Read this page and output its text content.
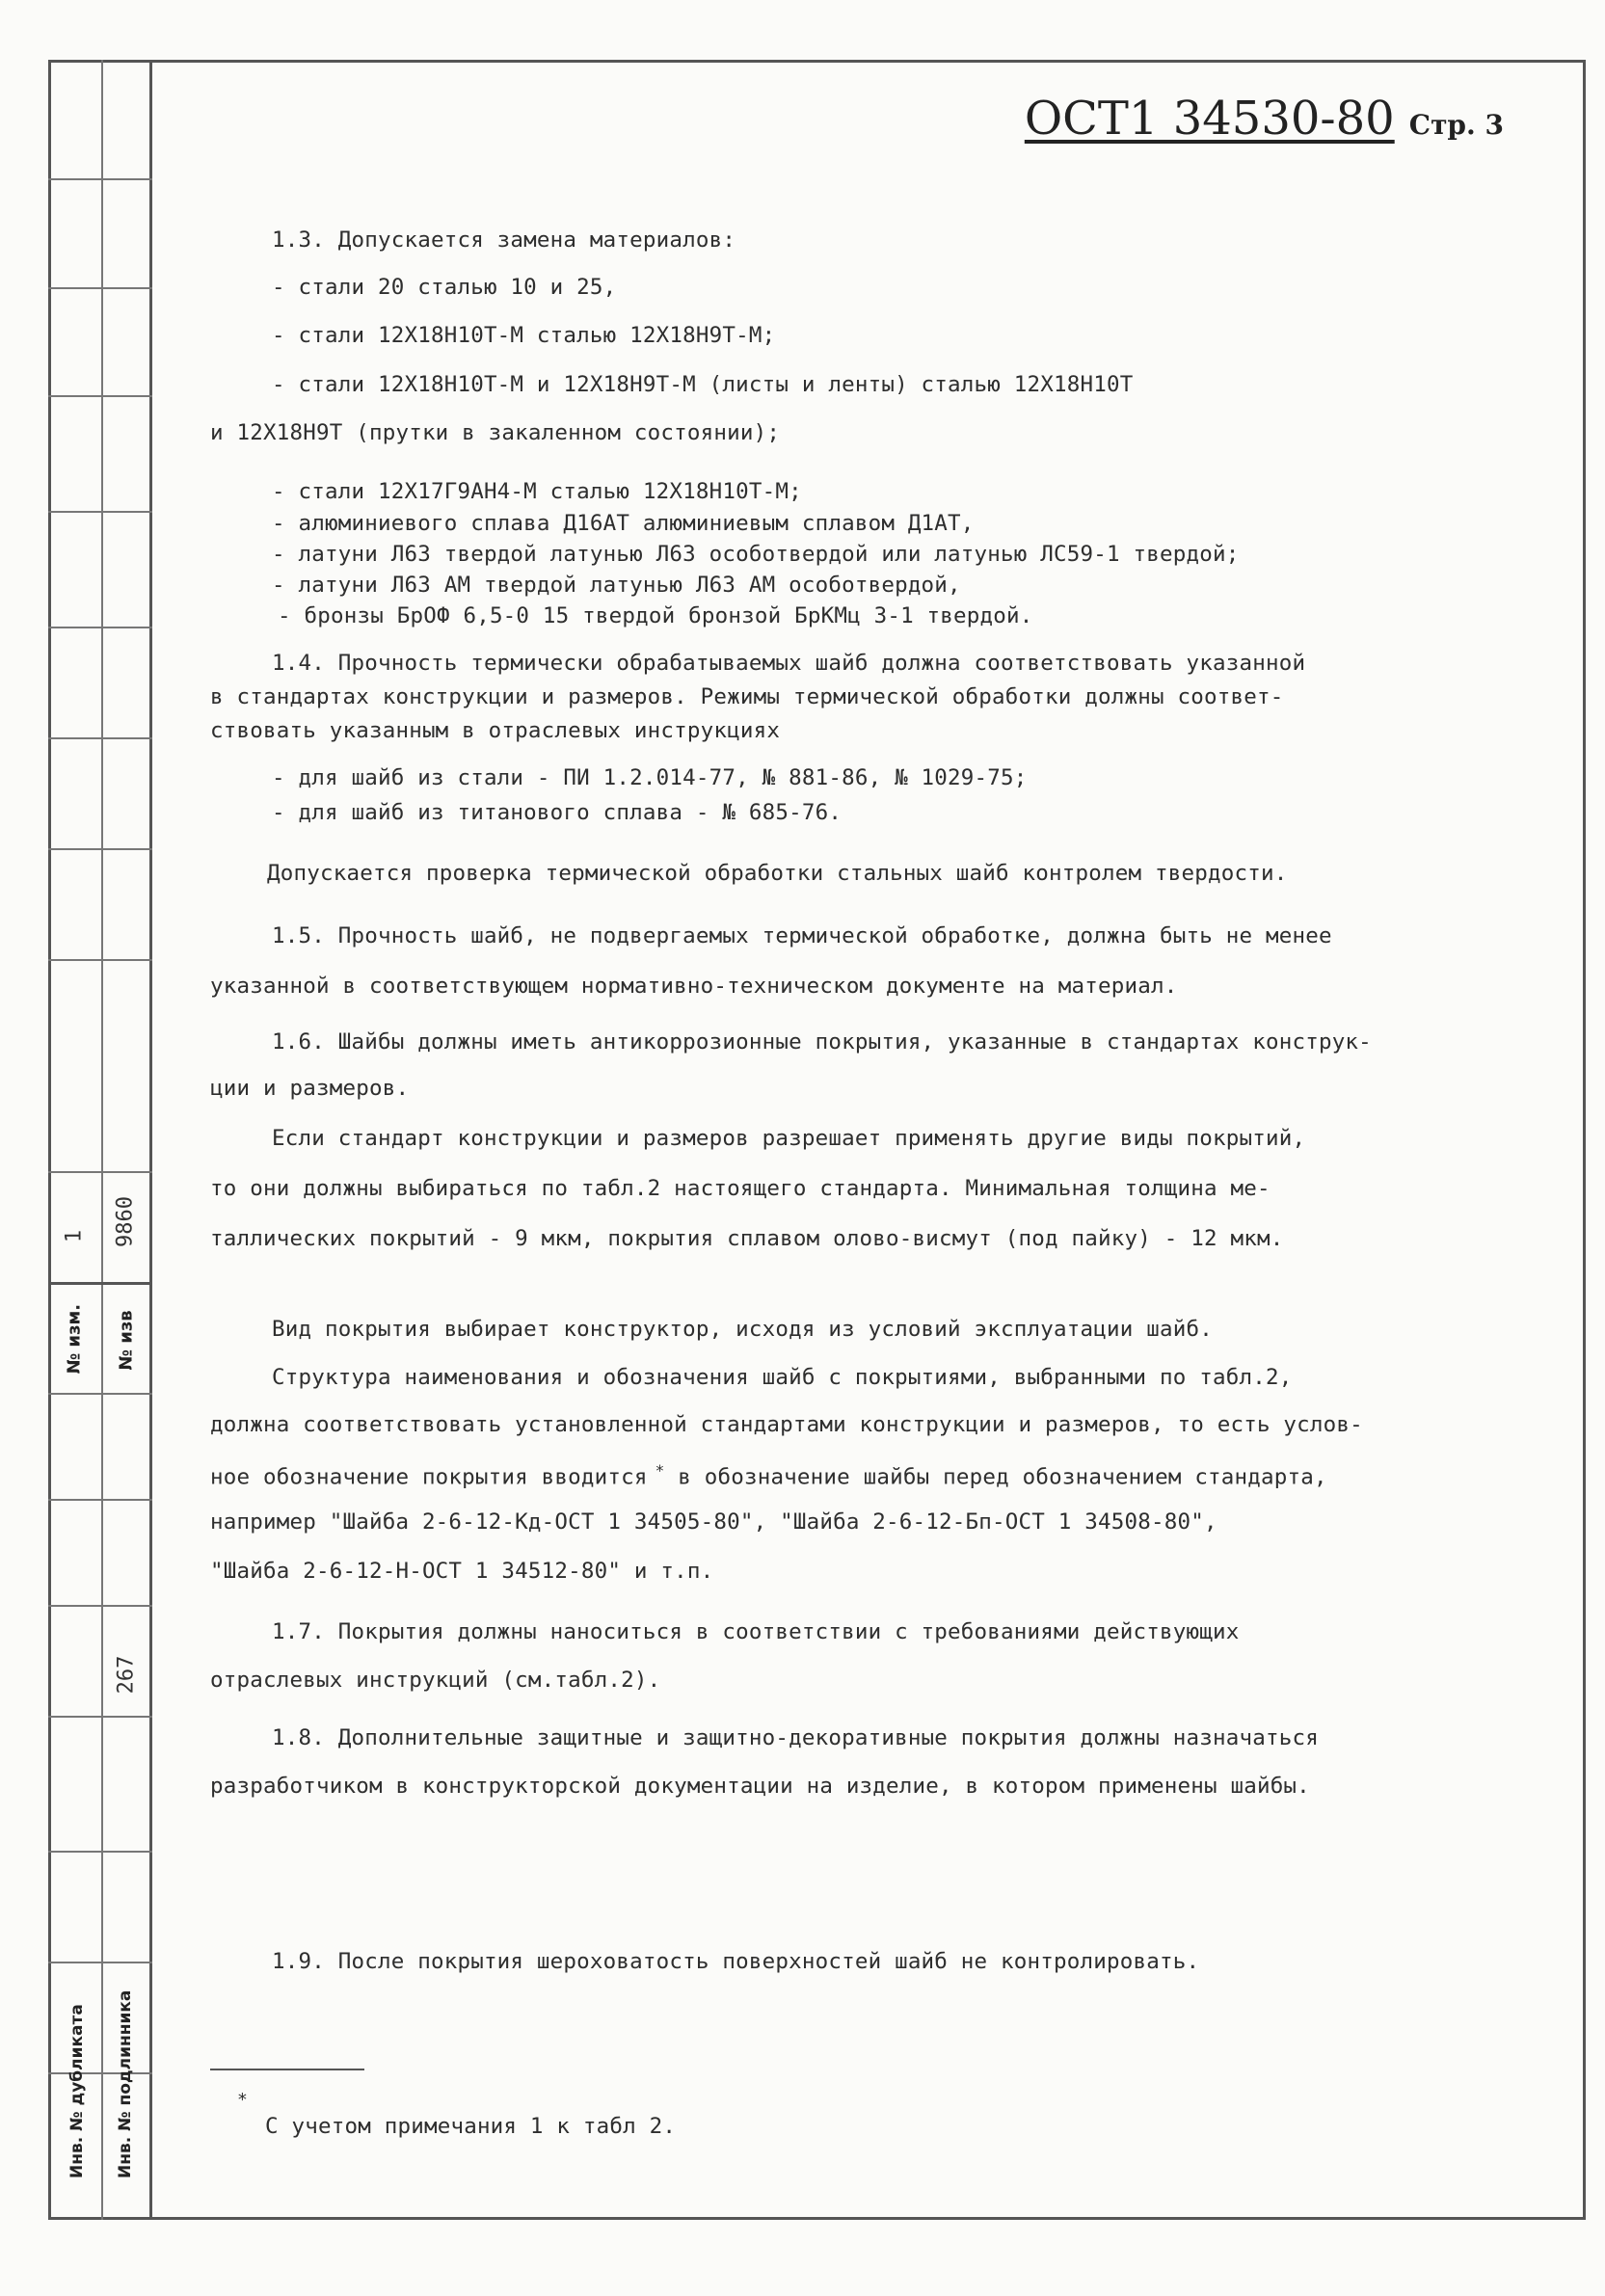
№ изм. № изв
1 9860
267
Инв. № дубликата Инв. № подлинника
ОСТ1 34530-80 Стр. 3
1.3. Допускается замена материалов:
- стали 20 сталью 10 и 25,
- стали 12Х18Н10Т-М сталью 12Х18Н9Т-М;
- стали 12Х18Н10Т-М и 12Х18Н9Т-М (листы и ленты) сталью 12Х18Н10Т
и 12Х18Н9Т (прутки в закаленном состоянии);
- стали 12Х17Г9АН4-М сталью 12Х18Н10Т-М;
- алюминиевого сплава Д16АТ алюминиевым сплавом Д1АТ,
- латуни Л63 твердой латунью Л63 особотвердой или латунью ЛС59-1 твердой;
- латуни Л63 АМ твердой латунью Л63 АМ особотвердой,
- бронзы БрОФ 6,5-0 15 твердой бронзой БрКМц 3-1 твердой.
1.4. Прочность термически обрабатываемых шайб должна соответствовать указанной
в стандартах конструкции и размеров. Режимы термической обработки должны соответ-
ствовать указанным в отраслевых инструкциях
- для шайб из стали - ПИ 1.2.014-77, № 881-86, № 1029-75;
- для шайб из титанового сплава - № 685-76.
Допускается проверка термической обработки стальных шайб контролем твердости.
1.5. Прочность шайб, не подвергаемых термической обработке, должна быть не менее
указанной в соответствующем нормативно-техническом документе на материал.
1.6. Шайбы должны иметь антикоррозионные покрытия, указанные в стандартах конструк-
ции и размеров.
Если стандарт конструкции и размеров разрешает применять другие виды покрытий,
то они должны выбираться по табл.2 настоящего стандарта. Минимальная толщина ме-
таллических покрытий - 9 мкм, покрытия сплавом олово-висмут (под пайку) - 12 мкм.
Вид покрытия выбирает конструктор, исходя из условий эксплуатации шайб.
Структура наименования и обозначения шайб с покрытиями, выбранными по табл.2,
должна соответствовать установленной стандартами конструкции и размеров, то есть услов-
ное обозначение покрытия вводится * в обозначение шайбы перед обозначением стандарта,
например "Шайба 2-6-12-Кд-ОСТ 1 34505-80", "Шайба 2-6-12-Бп-ОСТ 1 34508-80",
"Шайба 2-6-12-Н-ОСТ 1 34512-80" и т.п.
1.7. Покрытия должны наноситься в соответствии с требованиями действующих
отраслевых инструкций (см.табл.2).
1.8. Дополнительные защитные и защитно-декоративные покрытия должны назначаться
разработчиком в конструкторской документации на изделие, в котором применены шайбы.
1.9. После покрытия шероховатость поверхностей шайб не контролировать.
*
С учетом примечания 1 к табл 2.
